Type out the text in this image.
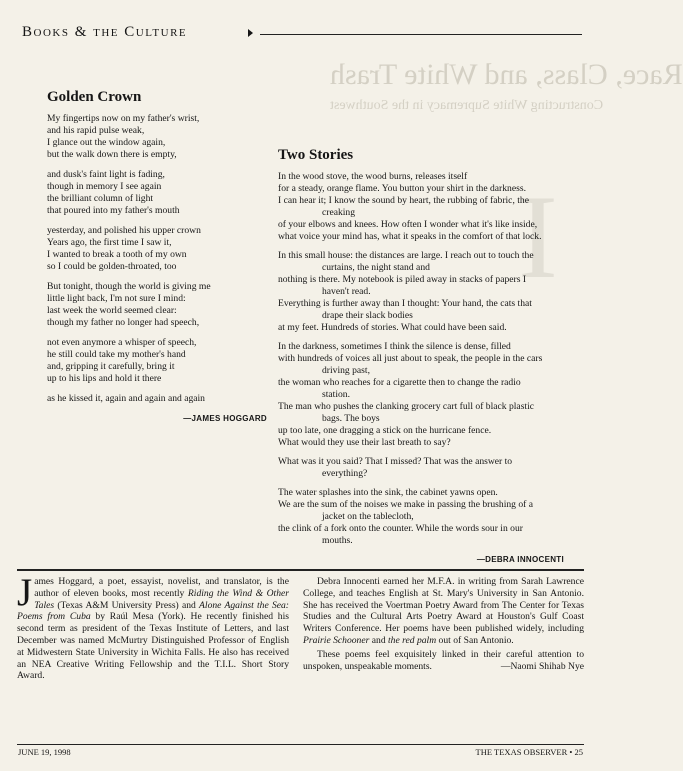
Race, Class, and White Trash
Constructing White Supremacy in the Southwest
I
Books & the Culture
Golden Crown
My fingertips now on my father's wrist,
and his rapid pulse weak,
I glance out the window again,
but the walk down there is empty,
and dusk's faint light is fading,
though in memory I see again
the brilliant column of light
that poured into my father's mouth
yesterday, and polished his upper crown
Years ago, the first time I saw it,
I wanted to break a tooth of my own
so I could be golden-throated, too
But tonight, though the world is giving me
little light back, I'm not sure I mind:
last week the world seemed clear:
though my father no longer had speech,
not even anymore a whisper of speech,
he still could take my mother's hand
and, gripping it carefully, bring it
up to his lips and hold it there
as he kissed it, again and again and again
—JAMES HOGGARD
Two Stories
In the wood stove, the wood burns, releases itself
for a steady, orange flame. You button your shirt in the darkness.
I can hear it; I know the sound by heart, the rubbing of fabric, the
creaking
of your elbows and knees. How often I wonder what it's like inside,
what voice your mind has, what it speaks in the comfort of that lock.
In this small house: the distances are large. I reach out to touch the
curtains, the night stand and
nothing is there. My notebook is piled away in stacks of papers I
haven't read.
Everything is further away than I thought: Your hand, the cats that
drape their slack bodies
at my feet. Hundreds of stories. What could have been said.
In the darkness, sometimes I think the silence is dense, filled
with hundreds of voices all just about to speak, the people in the cars
driving past,
the woman who reaches for a cigarette then to change the radio
station.
The man who pushes the clanking grocery cart full of black plastic
bags. The boys
up too late, one dragging a stick on the hurricane fence.
What would they use their last breath to say?
What was it you said? That I missed? That was the answer to
everything?
The water splashes into the sink, the cabinet yawns open.
We are the sum of the noises we make in passing the brushing of a
jacket on the tablecloth,
the clink of a fork onto the counter. While the words sour in our
mouths.
—DEBRA INNOCENTI
James Hoggard, a poet, essayist, novelist, and translator, is the author of eleven books, most recently Riding the Wind & Other Tales (Texas A&M University Press) and Alone Against the Sea: Poems from Cuba by Raúl Mesa (York). He recently finished his second term as president of the Texas Institute of Letters, and last December was named McMurtry Distinguished Professor of English at Midwestern State University in Wichita Falls. He also has received an NEA Creative Writing Fellowship and the T.I.L. Short Story Award.

Debra Innocenti earned her M.F.A. in writing from Sarah Lawrence College, and teaches English at St. Mary's University in San Antonio. She has received the Voertman Poetry Award from The Center for Texas Studies and the Cultural Arts Poetry Award at Houston's Gulf Coast Writers Conference. Her poems have been published widely, including Prairie Schooner and the red palm out of San Antonio.

These poems feel exquisitely linked in their careful attention to unspoken, unspeakable moments.	—Naomi Shihab Nye

JUNE 19, 1998	THE TEXAS OBSERVER • 25
